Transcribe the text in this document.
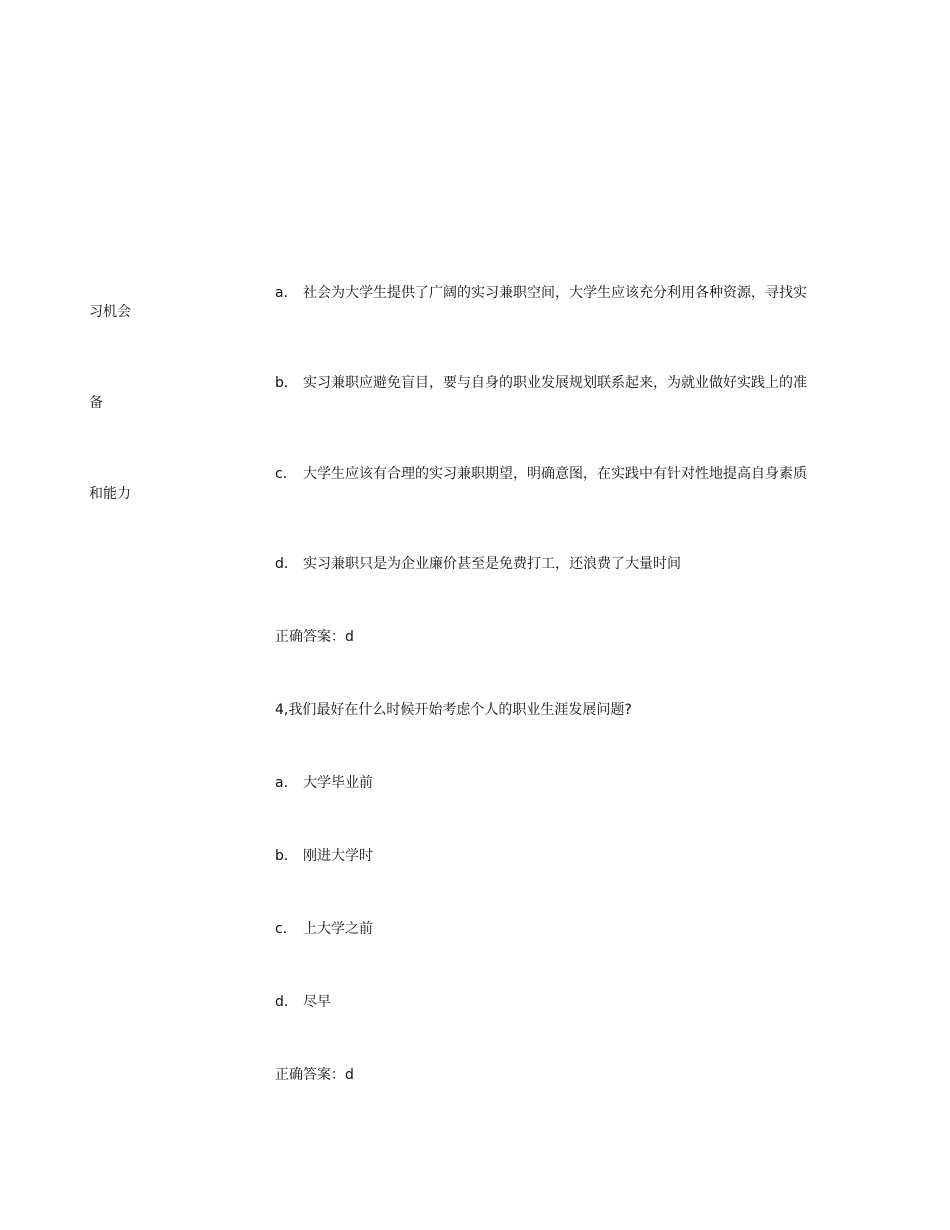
a． 社会为大学生提供了广阔的实习兼职空间，大学生应该充分利用各种资源，寻找实
习机会
b． 实习兼职应避免盲目，要与自身的职业发展规划联系起来，为就业做好实践上的准
备
c． 大学生应该有合理的实习兼职期望，明确意图，在实践中有针对性地提高自身素质
和能力
d． 实习兼职只是为企业廉价甚至是免费打工，还浪费了大量时间
正确答案：d
4,我们最好在什么时候开始考虑个人的职业生涯发展问题?
a． 大学毕业前
b． 刚进大学时
c． 上大学之前
d． 尽早
正确答案：d
